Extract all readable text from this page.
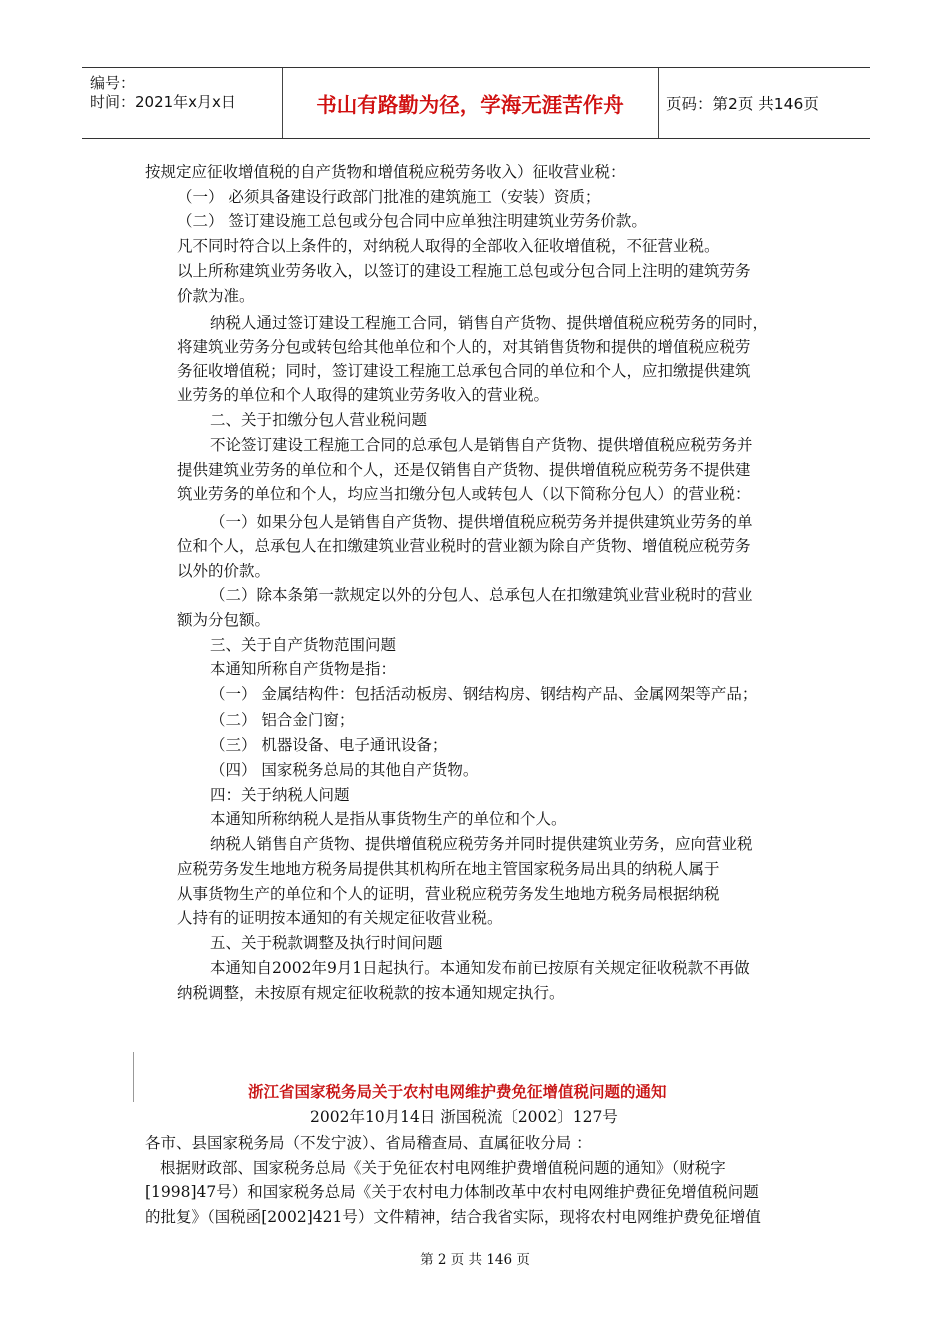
编号：
时间：2021年x月x日	书山有路勤为径，学海无涯苦作舟	页码：第2页 共146页
按规定应征收增值税的自产货物和增值税应税劳务收入）征收营业税：
（一） 必须具备建设行政部门批准的建筑施工（安装）资质；
（二） 签订建设施工总包或分包合同中应单独注明建筑业劳务价款。
凡不同时符合以上条件的，对纳税人取得的全部收入征收增值税，不征营业税。
以上所称建筑业劳务收入，以签订的建设工程施工总包或分包合同上注明的建筑劳务
价款为准。
纳税人通过签订建设工程施工合同，销售自产货物、提供增值税应税劳务的同时，
将建筑业劳务分包或转包给其他单位和个人的，对其销售货物和提供的增值税应税劳
务征收增值税；同时，签订建设工程施工总承包合同的单位和个人，应扣缴提供建筑
业劳务的单位和个人取得的建筑业劳务收入的营业税。
二、关于扣缴分包人营业税问题
不论签订建设工程施工合同的总承包人是销售自产货物、提供增值税应税劳务并
提供建筑业劳务的单位和个人，还是仅销售自产货物、提供增值税应税劳务不提供建
筑业劳务的单位和个人，均应当扣缴分包人或转包人（以下简称分包人）的营业税：
（一）如果分包人是销售自产货物、提供增值税应税劳务并提供建筑业劳务的单
位和个人，总承包人在扣缴建筑业营业税时的营业额为除自产货物、增值税应税劳务
以外的价款。
（二）除本条第一款规定以外的分包人、总承包人在扣缴建筑业营业税时的营业
额为分包额。
三、关于自产货物范围问题
本通知所称自产货物是指：
（一） 金属结构件：包括活动板房、钢结构房、钢结构产品、金属网架等产品；
（二） 铝合金门窗；
（三） 机器设备、电子通讯设备；
（四） 国家税务总局的其他自产货物。
四：关于纳税人问题
本通知所称纳税人是指从事货物生产的单位和个人。
纳税人销售自产货物、提供增值税应税劳务并同时提供建筑业劳务，应向营业税
应税劳务发生地地方税务局提供其机构所在地主管国家税务局出具的纳税人属于
从事货物生产的单位和个人的证明，营业税应税劳务发生地地方税务局根据纳税
人持有的证明按本通知的有关规定征收营业税。
五、关于税款调整及执行时间问题
本通知自2002年9月1日起执行。本通知发布前已按原有关规定征收税款不再做
纳税调整，未按原有规定征收税款的按本通知规定执行。
浙江省国家税务局关于农村电网维护费免征增值税问题的通知
2002年10月14日 浙国税流〔2002〕127号
各市、县国家税务局（不发宁波）、省局稽查局、直属征收分局 ：
根据财政部、国家税务总局《关于免征农村电网维护费增值税问题的通知》（财税字
[1998]47号）和国家税务总局《关于农村电力体制改革中农村电网维护费征免增值税问题
的批复》（国税函[2002]421号）文件精神，结合我省实际，现将农村电网维护费免征增值
第 2 页 共 146 页
